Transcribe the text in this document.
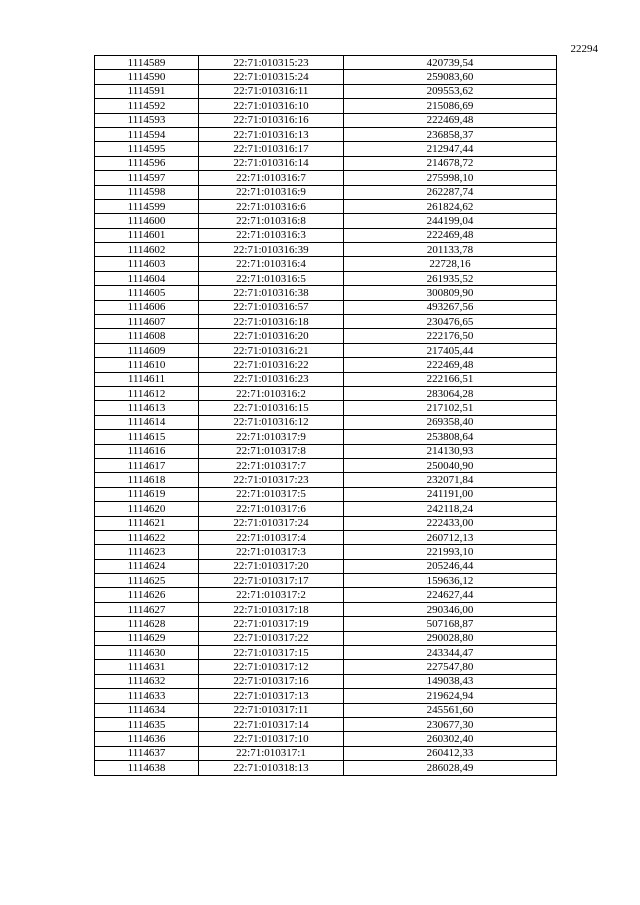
22294
1114589	22:71:010315:23	420739,54
1114590	22:71:010315:24	259083,60
1114591	22:71:010316:11	209553,62
1114592	22:71:010316:10	215086,69
1114593	22:71:010316:16	222469,48
1114594	22:71:010316:13	236858,37
1114595	22:71:010316:17	212947,44
1114596	22:71:010316:14	214678,72
1114597	22:71:010316:7	275998,10
1114598	22:71:010316:9	262287,74
1114599	22:71:010316:6	261824,62
1114600	22:71:010316:8	244199,04
1114601	22:71:010316:3	222469,48
1114602	22:71:010316:39	201133,78
1114603	22:71:010316:4	22728,16
1114604	22:71:010316:5	261935,52
1114605	22:71:010316:38	300809,90
1114606	22:71:010316:57	493267,56
1114607	22:71:010316:18	230476,65
1114608	22:71:010316:20	222176,50
1114609	22:71:010316:21	217405,44
1114610	22:71:010316:22	222469,48
1114611	22:71:010316:23	222166,51
1114612	22:71:010316:2	283064,28
1114613	22:71:010316:15	217102,51
1114614	22:71:010316:12	269358,40
1114615	22:71:010317:9	253808,64
1114616	22:71:010317:8	214130,93
1114617	22:71:010317:7	250040,90
1114618	22:71:010317:23	232071,84
1114619	22:71:010317:5	241191,00
1114620	22:71:010317:6	242118,24
1114621	22:71:010317:24	222433,00
1114622	22:71:010317:4	260712,13
1114623	22:71:010317:3	221993,10
1114624	22:71:010317:20	205246,44
1114625	22:71:010317:17	159636,12
1114626	22:71:010317:2	224627,44
1114627	22:71:010317:18	290346,00
1114628	22:71:010317:19	507168,87
1114629	22:71:010317:22	290028,80
1114630	22:71:010317:15	243344,47
1114631	22:71:010317:12	227547,80
1114632	22:71:010317:16	149038,43
1114633	22:71:010317:13	219624,94
1114634	22:71:010317:11	245561,60
1114635	22:71:010317:14	230677,30
1114636	22:71:010317:10	260302,40
1114637	22:71:010317:1	260412,33
1114638	22:71:010318:13	286028,49
